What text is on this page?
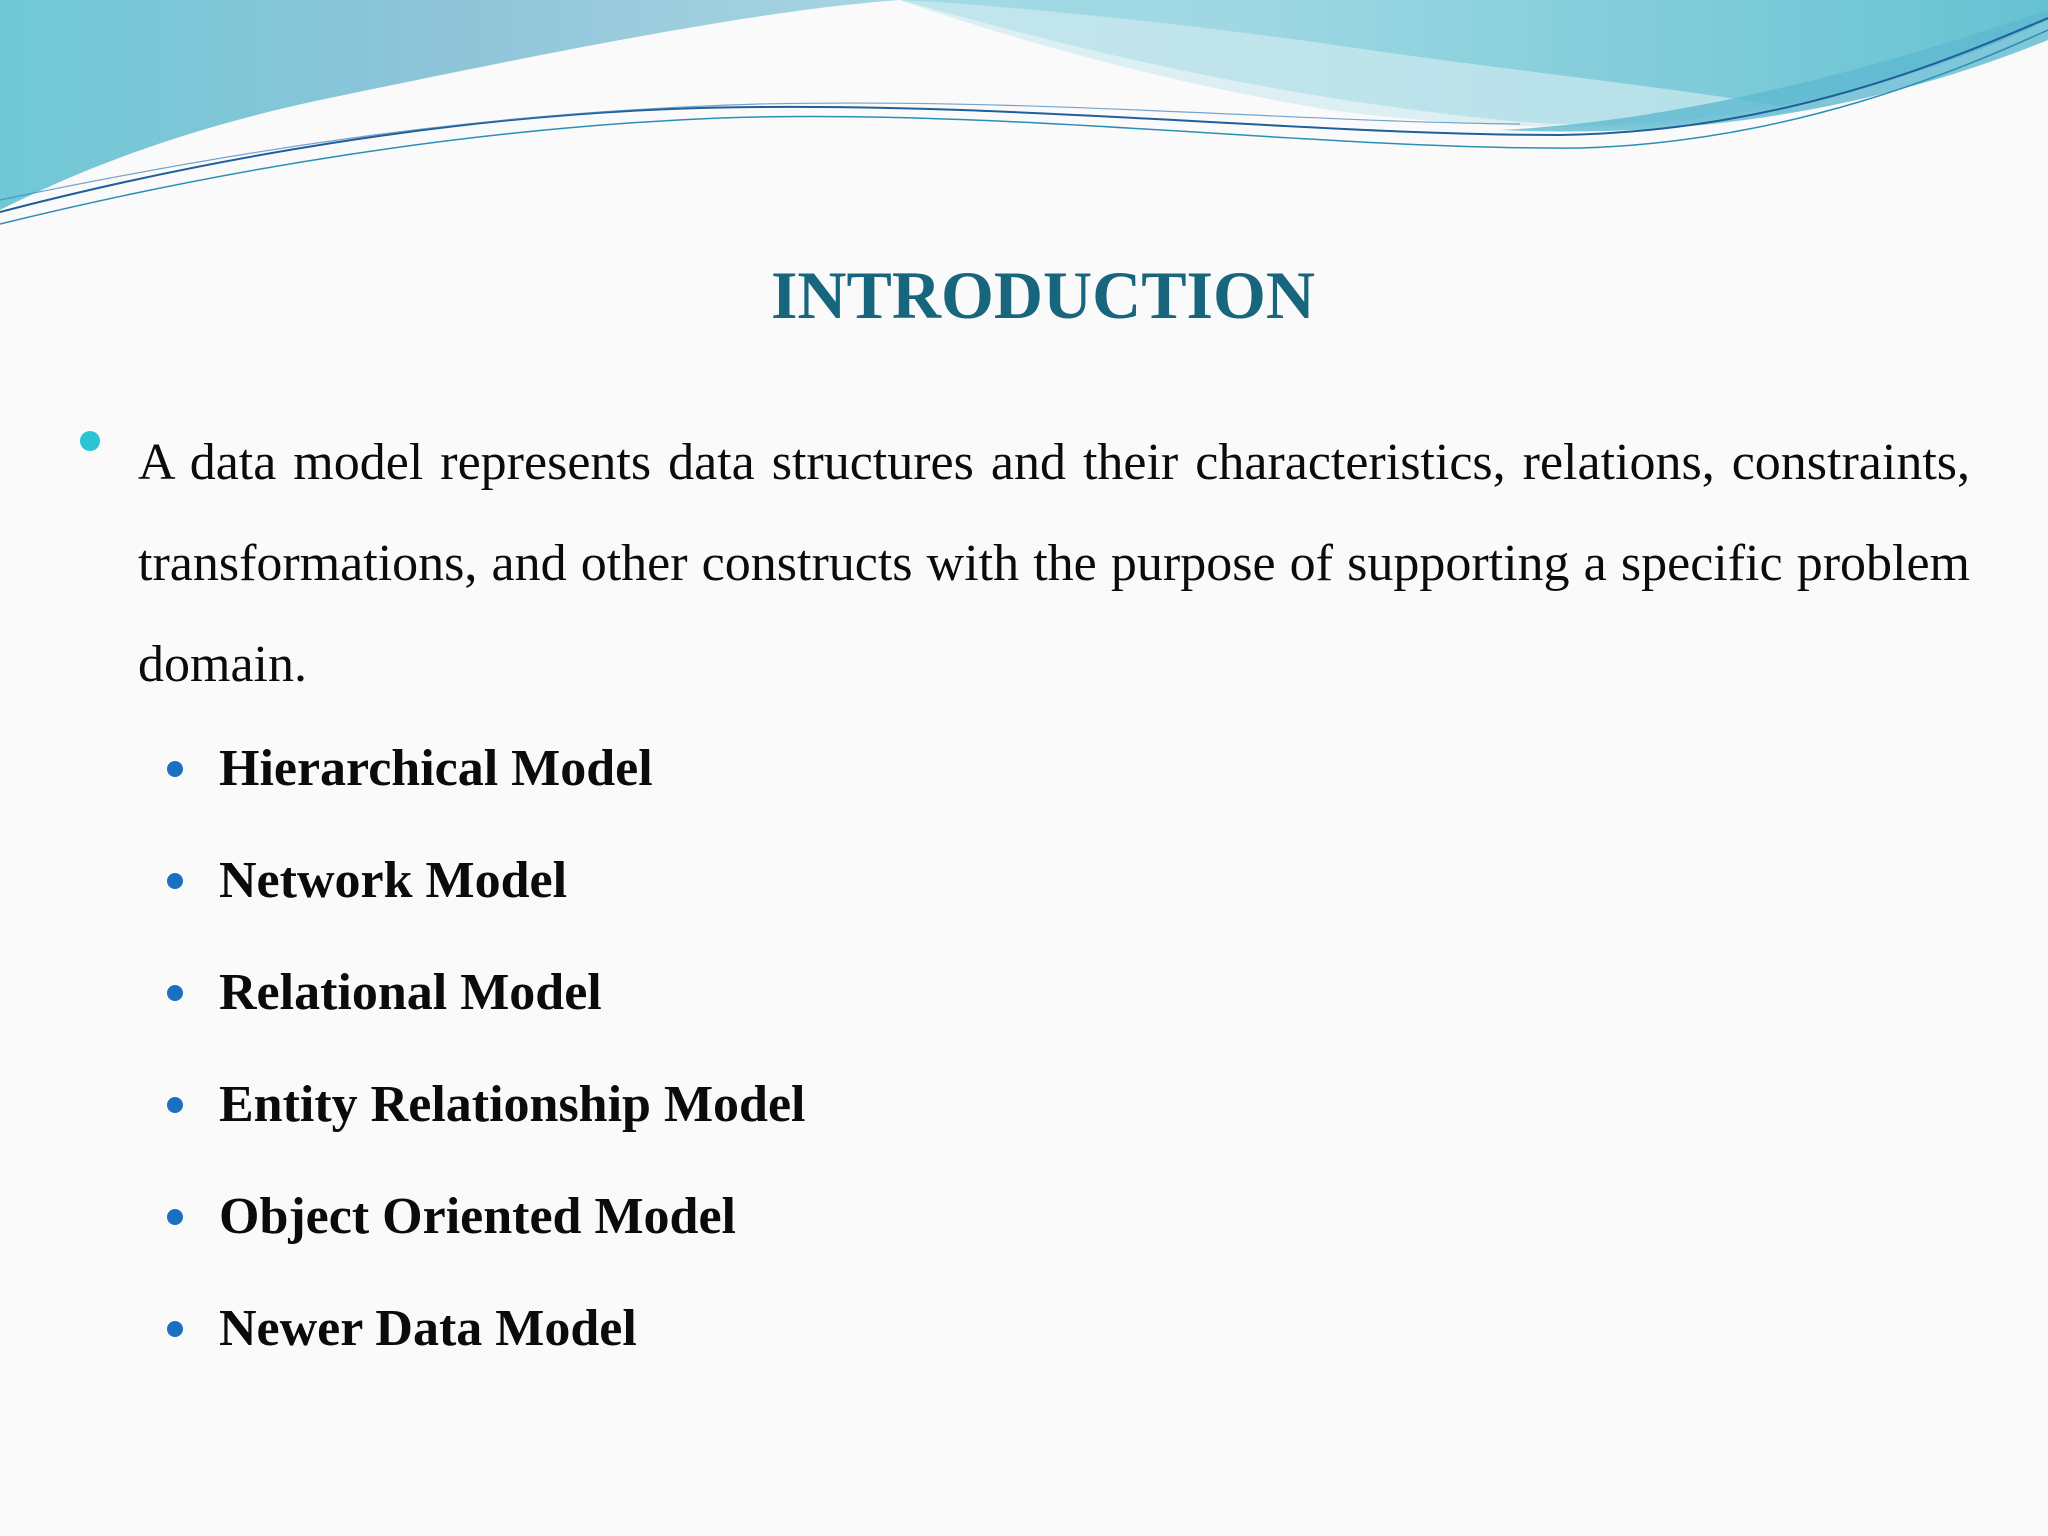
INTRODUCTION
A data model represents data structures and their characteristics, relations, constraints, transformations, and other constructs with the purpose of supporting a specific problem domain.
Hierarchical Model
Network Model
Relational Model
Entity Relationship Model
Object Oriented Model
Newer Data Model
